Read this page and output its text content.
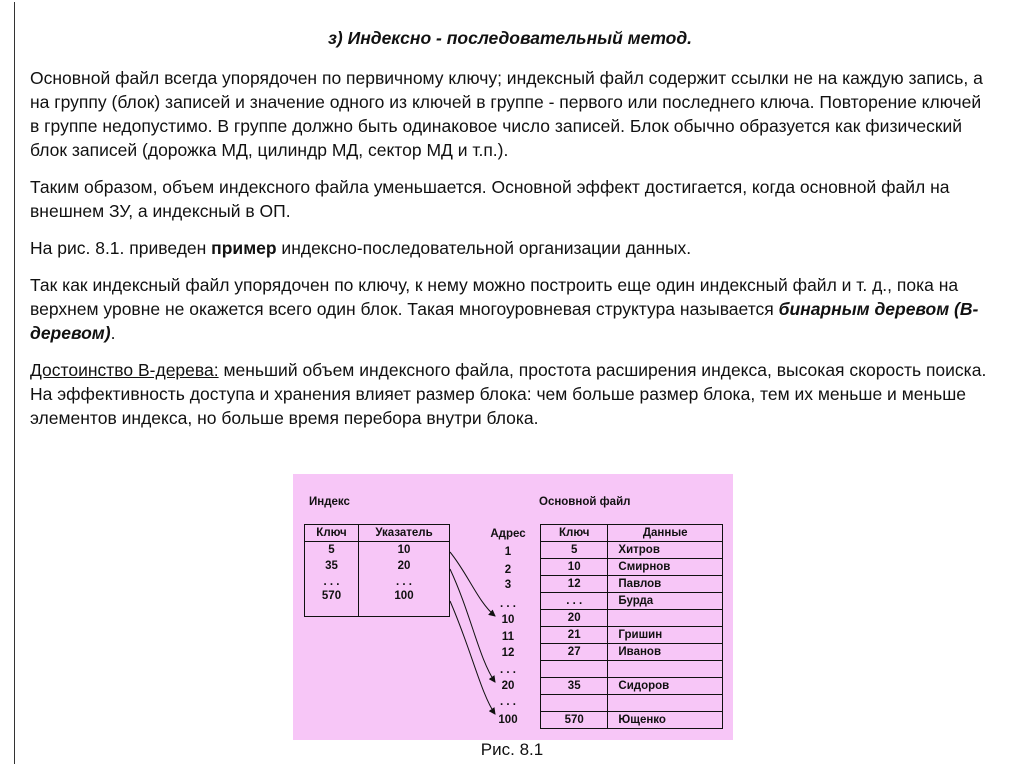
з) Индексно - последовательный метод.

Основной файл всегда упорядочен по первичному ключу; индексный файл содержит ссылки не на каждую запись, а на группу (блок) записей и значение одного из ключей в группе - первого или последнего ключа. Повторение ключей в группе недопустимо. В группе должно быть одинаковое число записей. Блок обычно образуется как физический блок записей (дорожка МД, цилиндр МД, сектор МД и т.п.).

Таким образом, объем индексного файла уменьшается. Основной эффект достигается, когда основной файл на внешнем ЗУ, а индексный в ОП.

На рис. 8.1. приведен пример индексно-последовательной организации данных.

Так как индексный файл упорядочен по ключу, к нему можно построить еще один индексный файл и т. д., пока на верхнем уровне не окажется всего один блок. Такая многоуровневая структура называется бинарным деревом (В-деревом).

Достоинство В-дерева: меньший объем индексного файла, простота расширения индекса, высокая скорость поиска. На эффективность доступа и хранения влияет размер блока: чем больше размер блока, тем их меньше и меньше элементов индекса, но больше время перебора внутри блока.

Индекс	Основной файл
Ключ	Указатель
5	10
35	20
. . .	. . .
570	100
Адрес
1
2
3
. . .
10
11
12
. . .
20
. . .
100
Ключ	Данные
5	Хитров
10	Смирнов
12	Павлов
. . .	Бурда
20	
21	Гришин
27	Иванов

35	Сидоров

570	Ющенко
Рис. 8.1
